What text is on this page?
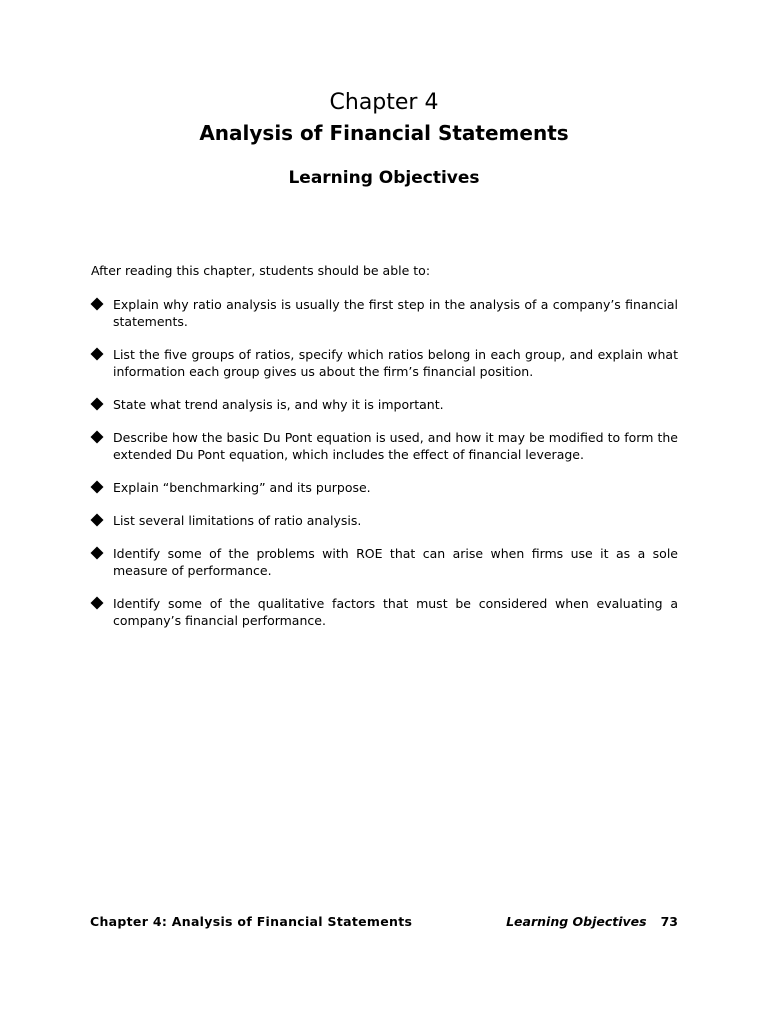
Chapter 4
Analysis of Financial Statements
Learning Objectives
After reading this chapter, students should be able to:
Explain why ratio analysis is usually the first step in the analysis of a company’s financial statements.
List the five groups of ratios, specify which ratios belong in each group, and explain what information each group gives us about the firm’s financial position.
State what trend analysis is, and why it is important.
Describe how the basic Du Pont equation is used, and how it may be modified to form the extended Du Pont equation, which includes the effect of financial leverage.
Explain “benchmarking” and its purpose.
List several limitations of ratio analysis.
Identify some of the problems with ROE that can arise when firms use it as a sole measure of performance.
Identify some of the qualitative factors that must be considered when evaluating a company’s financial performance.
Chapter 4: Analysis of Financial Statements	Learning Objectives 73
